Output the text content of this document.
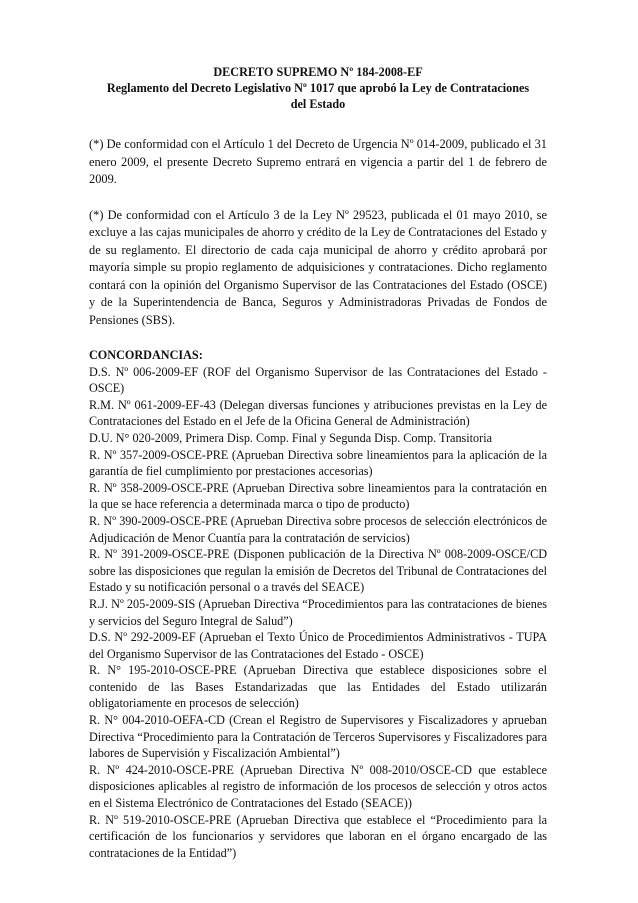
DECRETO SUPREMO Nº 184-2008-EF
Reglamento del Decreto Legislativo Nº 1017 que aprobó la Ley de Contrataciones
del Estado

(*) De conformidad con el Artículo 1 del Decreto de Urgencia Nº 014-2009, publicado el 31 enero 2009, el presente Decreto Supremo entrará en vigencia a partir del 1 de febrero de 2009.

(*) De conformidad con el Artículo 3 de la Ley Nº 29523, publicada el 01 mayo 2010, se excluye a las cajas municipales de ahorro y crédito de la Ley de Contrataciones del Estado y de su reglamento. El directorio de cada caja municipal de ahorro y crédito aprobará por mayoría simple su propio reglamento de adquisiciones y contrataciones. Dicho reglamento contará con la opinión del Organismo Supervisor de las Contrataciones del Estado (OSCE) y de la Superintendencia de Banca, Seguros y Administradoras Privadas de Fondos de Pensiones (SBS).

CONCORDANCIAS:
D.S. Nº 006-2009-EF (ROF del Organismo Supervisor de las Contrataciones del Estado - OSCE)
R.M. Nº 061-2009-EF-43 (Delegan diversas funciones y atribuciones previstas en la Ley de Contrataciones del Estado en el Jefe de la Oficina General de Administración)
D.U. N° 020-2009, Primera Disp. Comp. Final y Segunda Disp. Comp. Transitoria
R. Nº 357-2009-OSCE-PRE (Aprueban Directiva sobre lineamientos para la aplicación de la garantía de fiel cumplimiento por prestaciones accesorias)
R. Nº 358-2009-OSCE-PRE (Aprueban Directiva sobre lineamientos para la contratación en la que se hace referencia a determinada marca o tipo de producto)
R. Nº 390-2009-OSCE-PRE (Aprueban Directiva sobre procesos de selección electrónicos de Adjudicación de Menor Cuantía para la contratación de servicios)
R. Nº 391-2009-OSCE-PRE (Disponen publicación de la Directiva Nº 008-2009-OSCE/CD sobre las disposiciones que regulan la emisión de Decretos del Tribunal de Contrataciones del Estado y su notificación personal o a través del SEACE)
R.J. Nº 205-2009-SIS (Aprueban Directiva “Procedimientos para las contrataciones de bienes y servicios del Seguro Integral de Salud”)
D.S. Nº 292-2009-EF (Aprueban el Texto Único de Procedimientos Administrativos - TUPA del Organismo Supervisor de las Contrataciones del Estado - OSCE)
R. N° 195-2010-OSCE-PRE (Aprueban Directiva que establece disposiciones sobre el contenido de las Bases Estandarizadas que las Entidades del Estado utilizarán obligatoriamente en procesos de selección)
R. N° 004-2010-OEFA-CD (Crean el Registro de Supervisores y Fiscalizadores y aprueban Directiva “Procedimiento para la Contratación de Terceros Supervisores y Fiscalizadores para labores de Supervisión y Fiscalización Ambiental”)
R. Nº 424-2010-OSCE-PRE (Aprueban Directiva Nº 008-2010/OSCE-CD que establece disposiciones aplicables al registro de información de los procesos de selección y otros actos en el Sistema Electrónico de Contrataciones del Estado (SEACE))
R. Nº 519-2010-OSCE-PRE (Aprueban Directiva que establece el “Procedimiento para la certificación de los funcionarios y servidores que laboran en el órgano encargado de las contrataciones de la Entidad”)
